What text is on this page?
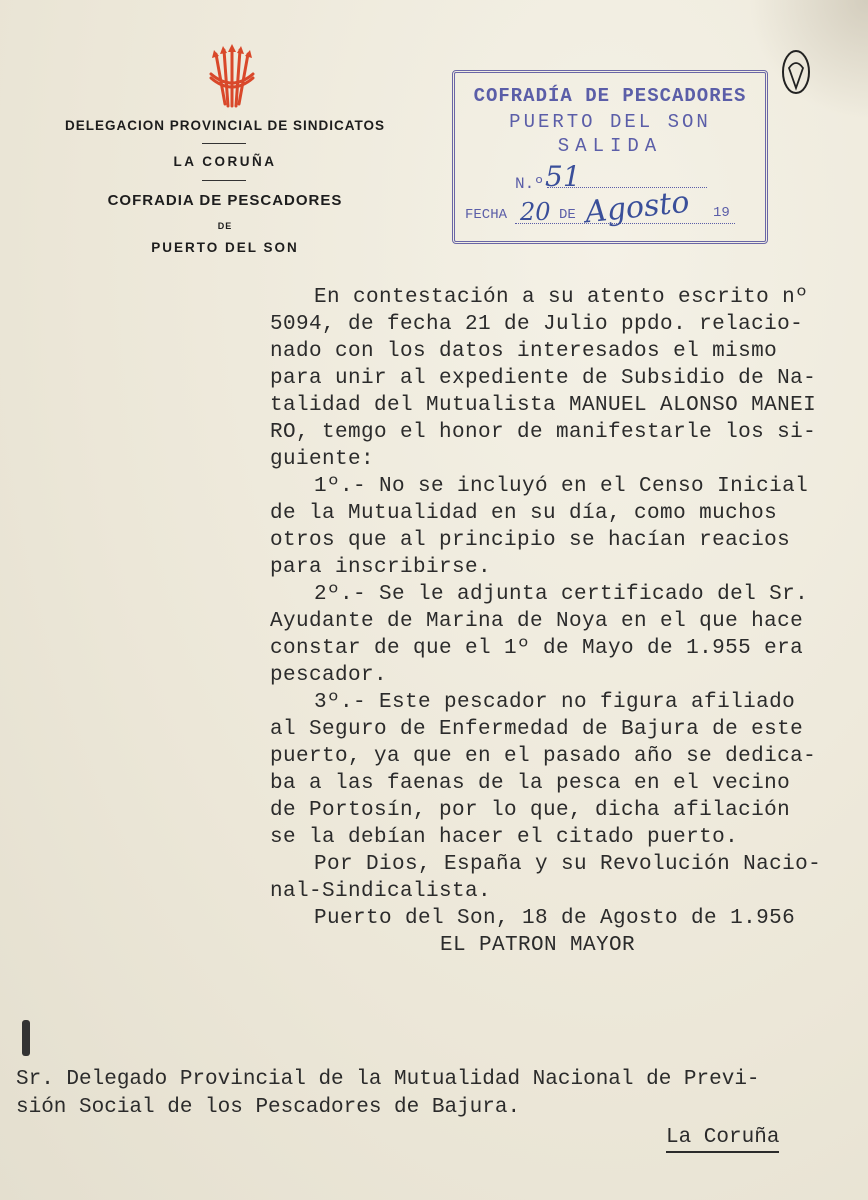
DELEGACION PROVINCIAL DE SINDICATOS
LA CORUÑA
COFRADIA DE PESCADORES
DE
PUERTO DEL SON
COFRADÍA DE PESCADORES
PUERTO DEL SON
SALIDA
N.º
FECHA	DE	19
51
20 Agosto
En contestación a su atento escrito nº
5094, de fecha 21 de Julio ppdo. relacio-
nado con los datos interesados el mismo
para unir al expediente de Subsidio de Na-
talidad del Mutualista MANUEL ALONSO MANEI
RO, temgo el honor de manifestarle los si-
guiente:
1º.- No se incluyó en el Censo Inicial
de la Mutualidad en su día, como muchos
otros que al principio se hacían reacios
para inscribirse.
2º.- Se le adjunta certificado del Sr.
Ayudante de Marina de Noya en el que hace
constar de que el 1º de Mayo de 1.955 era
pescador.
3º.- Este pescador no figura afiliado
al Seguro de Enfermedad de Bajura de este
puerto, ya que en el pasado año se dedica-
ba a las faenas de la pesca en el vecino
de Portosín, por lo que, dicha afilación
se la debían hacer el citado puerto.
Por Dios, España y su Revolución Nacio-
nal-Sindicalista.
Puerto del Son, 18 de Agosto de 1.956
EL PATRON MAYOR
Sr. Delegado Provincial de la Mutualidad Nacional de Previ-
sión Social de los Pescadores de Bajura.
La Coruña
